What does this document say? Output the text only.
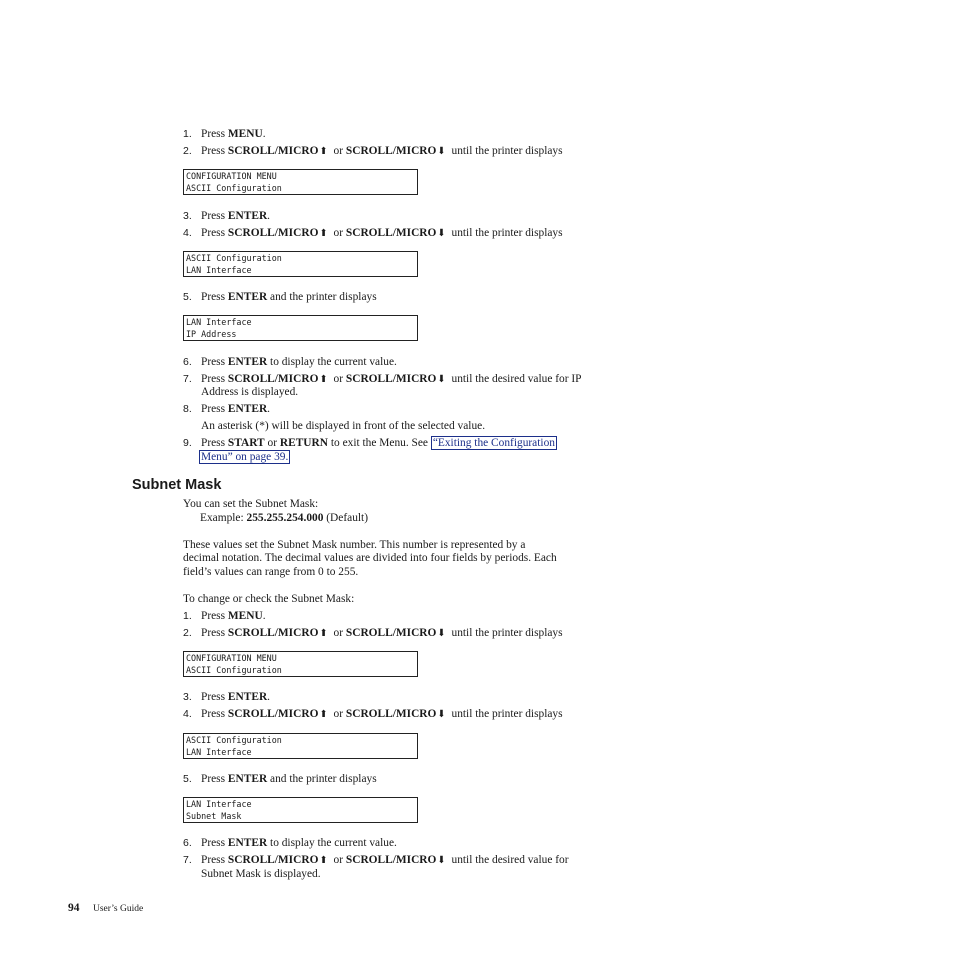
1. Press MENU.
2. Press SCROLL/MICRO⬆ or SCROLL/MICRO⬇ until the printer displays
CONFIGURATION MENU
ASCII Configuration
3. Press ENTER.
4. Press SCROLL/MICRO⬆ or SCROLL/MICRO⬇ until the printer displays
ASCII Configuration
LAN Interface
5. Press ENTER and the printer displays
LAN Interface
IP Address
6. Press ENTER to display the current value.
7. Press SCROLL/MICRO⬆ or SCROLL/MICRO⬇ until the desired value for IP
Address is displayed.
8. Press ENTER.
An asterisk (*) will be displayed in front of the selected value.
9. Press START or RETURN to exit the Menu. See “Exiting the Configuration
Menu” on page 39.
Subnet Mask
You can set the Subnet Mask:
Example: 255.255.254.000 (Default)
These values set the Subnet Mask number. This number is represented by a
decimal notation. The decimal values are divided into four fields by periods. Each
field’s values can range from 0 to 255.
To change or check the Subnet Mask:
1. Press MENU.
2. Press SCROLL/MICRO⬆ or SCROLL/MICRO⬇ until the printer displays
CONFIGURATION MENU
ASCII Configuration
3. Press ENTER.
4. Press SCROLL/MICRO⬆ or SCROLL/MICRO⬇ until the printer displays
ASCII Configuration
LAN Interface
5. Press ENTER and the printer displays
LAN Interface
Subnet Mask
6. Press ENTER to display the current value.
7. Press SCROLL/MICRO⬆ or SCROLL/MICRO⬇ until the desired value for
Subnet Mask is displayed.
94 User’s Guide
